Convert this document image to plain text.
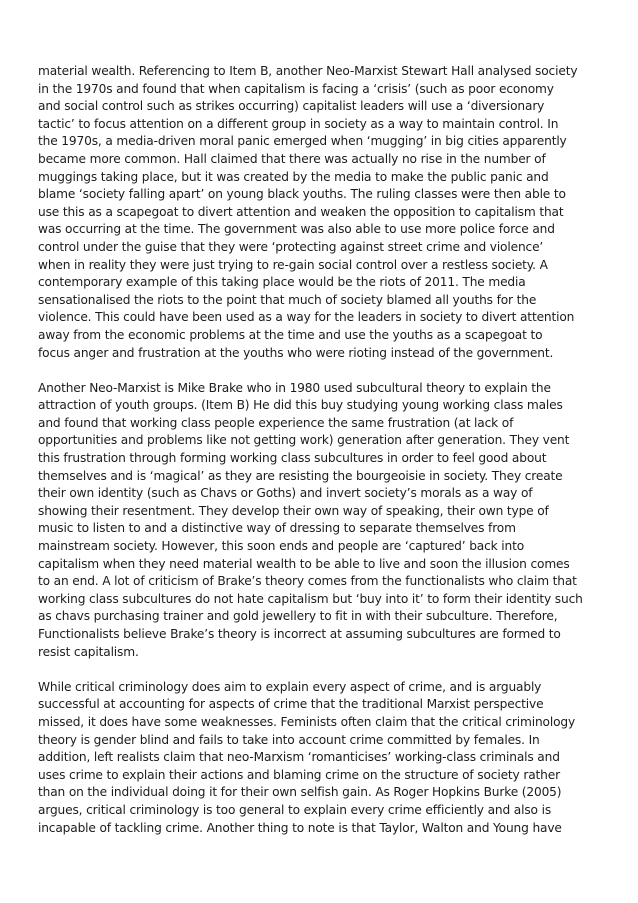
material wealth. Referencing to Item B, another Neo-Marxist Stewart Hall analysed society
in the 1970s and found that when capitalism is facing a ‘crisis’ (such as poor economy
and social control such as strikes occurring) capitalist leaders will use a ‘diversionary
tactic’ to focus attention on a different group in society as a way to maintain control. In
the 1970s, a media-driven moral panic emerged when ‘mugging’ in big cities apparently
became more common. Hall claimed that there was actually no rise in the number of
muggings taking place, but it was created by the media to make the public panic and
blame ‘society falling apart’ on young black youths. The ruling classes were then able to
use this as a scapegoat to divert attention and weaken the opposition to capitalism that
was occurring at the time. The government was also able to use more police force and
control under the guise that they were ‘protecting against street crime and violence’
when in reality they were just trying to re-gain social control over a restless society. A
contemporary example of this taking place would be the riots of 2011. The media
sensationalised the riots to the point that much of society blamed all youths for the
violence. This could have been used as a way for the leaders in society to divert attention
away from the economic problems at the time and use the youths as a scapegoat to
focus anger and frustration at the youths who were rioting instead of the government.
Another Neo-Marxist is Mike Brake who in 1980 used subcultural theory to explain the
attraction of youth groups. (Item B) He did this buy studying young working class males
and found that working class people experience the same frustration (at lack of
opportunities and problems like not getting work) generation after generation. They vent
this frustration through forming working class subcultures in order to feel good about
themselves and is ‘magical’ as they are resisting the bourgeoisie in society. They create
their own identity (such as Chavs or Goths) and invert society’s morals as a way of
showing their resentment. They develop their own way of speaking, their own type of
music to listen to and a distinctive way of dressing to separate themselves from
mainstream society. However, this soon ends and people are ‘captured’ back into
capitalism when they need material wealth to be able to live and soon the illusion comes
to an end. A lot of criticism of Brake’s theory comes from the functionalists who claim that
working class subcultures do not hate capitalism but ‘buy into it’ to form their identity such
as chavs purchasing trainer and gold jewellery to fit in with their subculture. Therefore,
Functionalists believe Brake’s theory is incorrect at assuming subcultures are formed to
resist capitalism.
While critical criminology does aim to explain every aspect of crime, and is arguably
successful at accounting for aspects of crime that the traditional Marxist perspective
missed, it does have some weaknesses. Feminists often claim that the critical criminology
theory is gender blind and fails to take into account crime committed by females. In
addition, left realists claim that neo-Marxism ‘romanticises’ working-class criminals and
uses crime to explain their actions and blaming crime on the structure of society rather
than on the individual doing it for their own selfish gain. As Roger Hopkins Burke (2005)
argues, critical criminology is too general to explain every crime efficiently and also is
incapable of tackling crime. Another thing to note is that Taylor, Walton and Young have
